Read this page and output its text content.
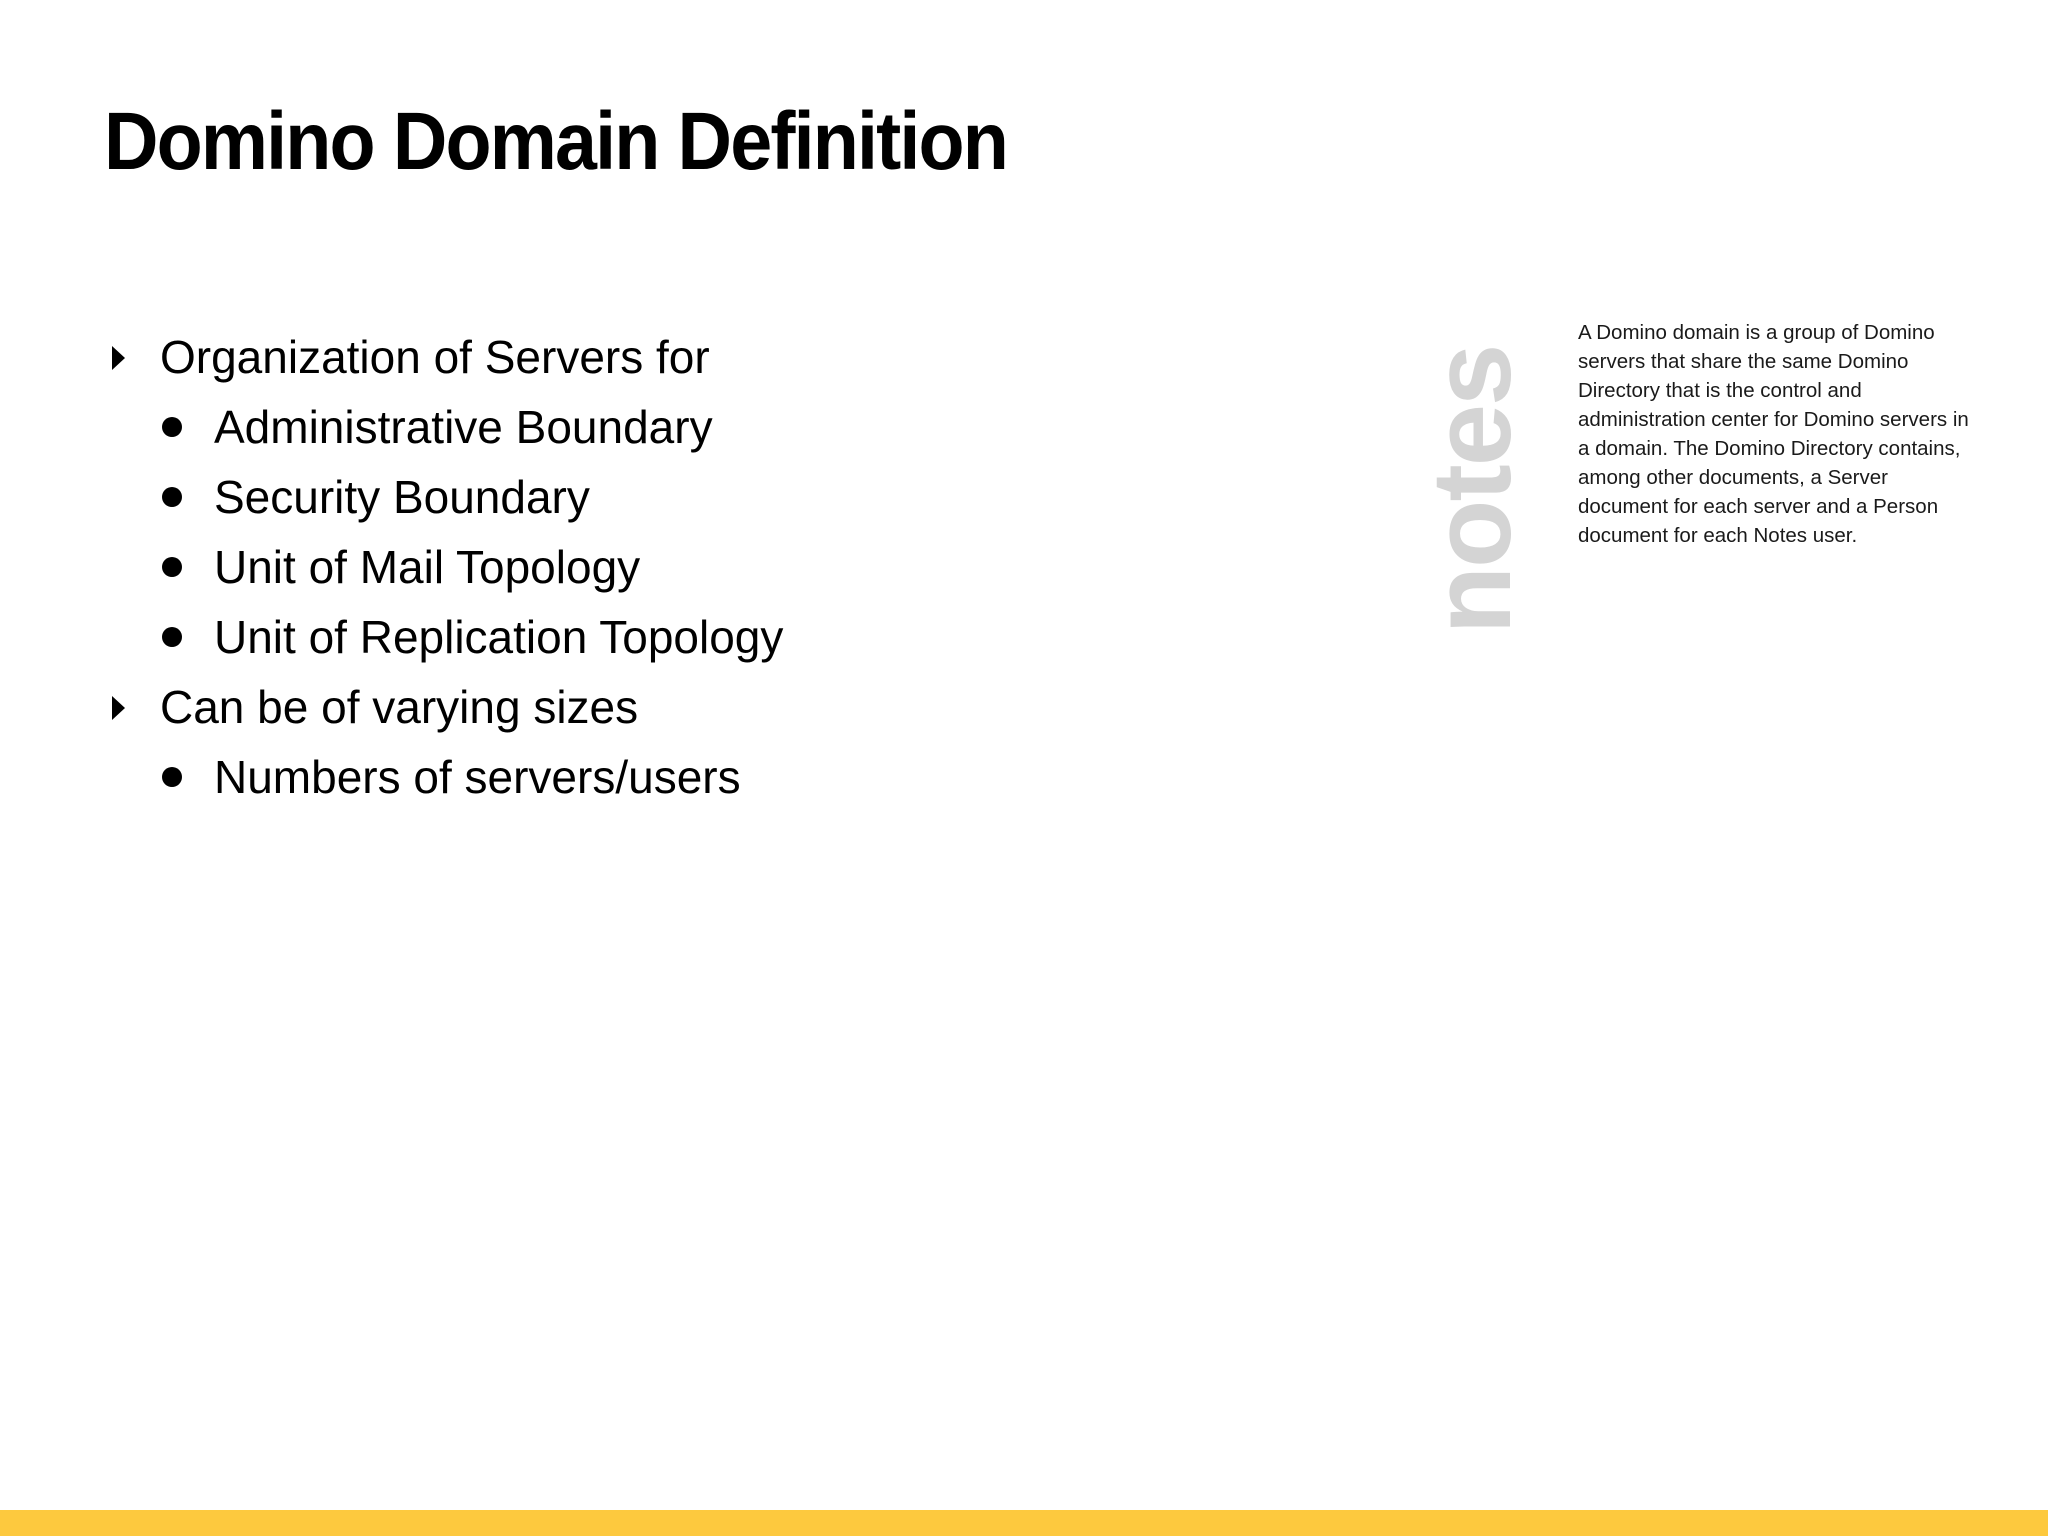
Domino Domain Definition
Organization of Servers for
Administrative Boundary
Security Boundary
Unit of Mail Topology
Unit of Replication Topology
Can be of varying sizes
Numbers of servers/users
notes

A Domino domain is a group of Domino servers that share the same Domino Directory that is the control and administration center for Domino servers in a domain. The Domino Directory contains, among other documents, a Server document for each server and a Person document for each Notes user.
